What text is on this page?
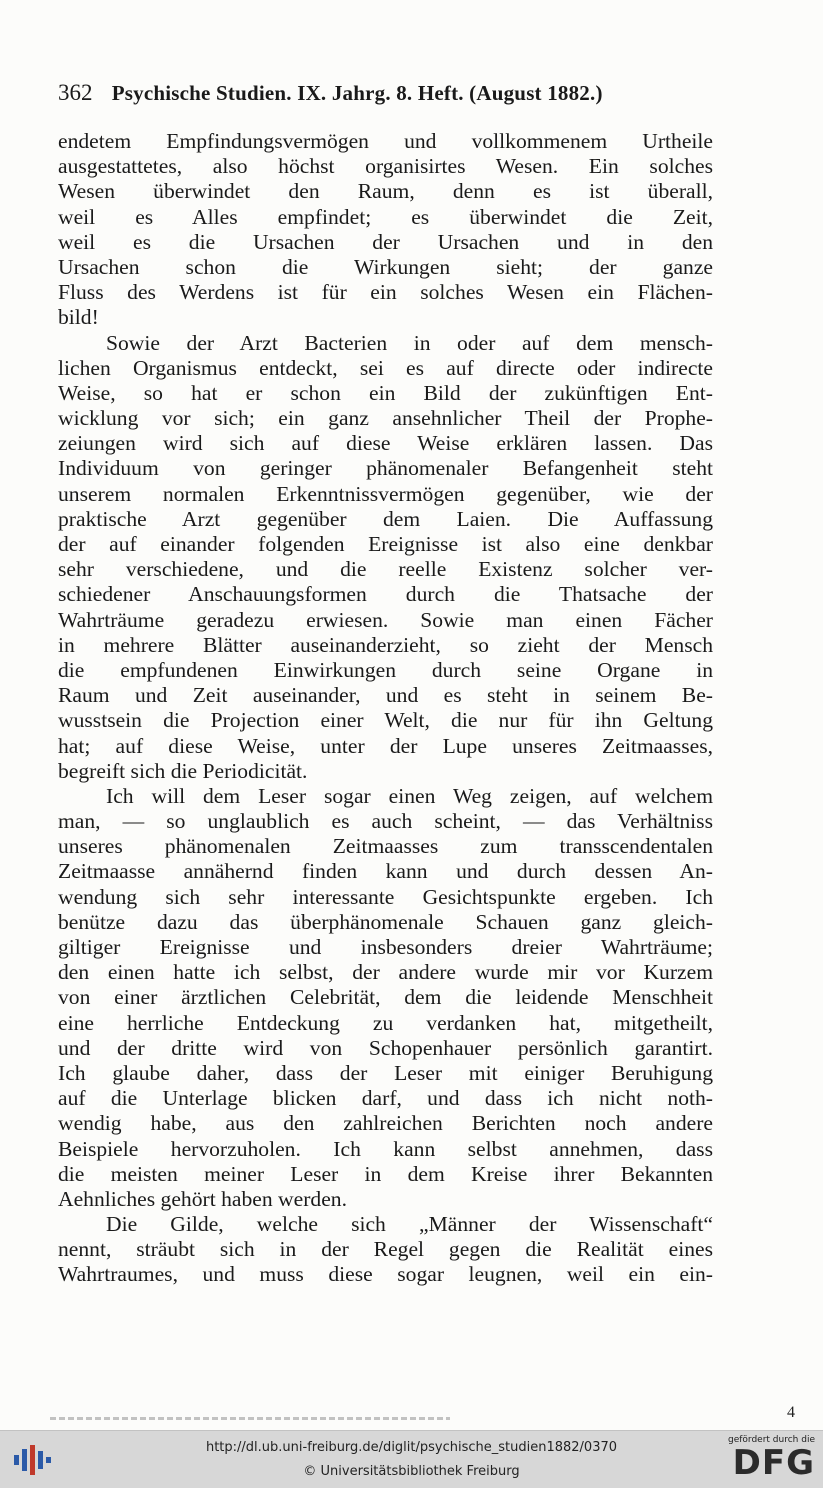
362 Psychische Studien. IX. Jahrg. 8. Heft. (August 1882.)
endetem Empfindungsvermögen und vollkommenem Urtheile
ausgestattetes, also höchst organisirtes Wesen. Ein solches
Wesen überwindet den Raum, denn es ist überall,
weil es Alles empfindet; es überwindet die Zeit,
weil es die Ursachen der Ursachen und in den
Ursachen schon die Wirkungen sieht; der ganze
Fluss des Werdens ist für ein solches Wesen ein Flächen-
bild!
Sowie der Arzt Bacterien in oder auf dem mensch-
lichen Organismus entdeckt, sei es auf directe oder indirecte
Weise, so hat er schon ein Bild der zukünftigen Ent-
wicklung vor sich; ein ganz ansehnlicher Theil der Prophe-
zeiungen wird sich auf diese Weise erklären lassen. Das
Individuum von geringer phänomenaler Befangenheit steht
unserem normalen Erkenntnissvermögen gegenüber, wie der
praktische Arzt gegenüber dem Laien. Die Auffassung
der auf einander folgenden Ereignisse ist also eine denkbar
sehr verschiedene, und die reelle Existenz solcher ver-
schiedener Anschauungsformen durch die Thatsache der
Wahrträume geradezu erwiesen. Sowie man einen Fächer
in mehrere Blätter auseinanderzieht, so zieht der Mensch
die empfundenen Einwirkungen durch seine Organe in
Raum und Zeit auseinander, und es steht in seinem Be-
wusstsein die Projection einer Welt, die nur für ihn Geltung
hat; auf diese Weise, unter der Lupe unseres Zeitmaasses,
begreift sich die Periodicität.
Ich will dem Leser sogar einen Weg zeigen, auf welchem
man, — so unglaublich es auch scheint, — das Verhältniss
unseres phänomenalen Zeitmaasses zum transscendentalen
Zeitmaasse annähernd finden kann und durch dessen An-
wendung sich sehr interessante Gesichtspunkte ergeben. Ich
benütze dazu das überphänomenale Schauen ganz gleich-
giltiger Ereignisse und insbesonders dreier Wahrträume;
den einen hatte ich selbst, der andere wurde mir vor Kurzem
von einer ärztlichen Celebrität, dem die leidende Menschheit
eine herrliche Entdeckung zu verdanken hat, mitgetheilt,
und der dritte wird von Schopenhauer persönlich garantirt.
Ich glaube daher, dass der Leser mit einiger Beruhigung
auf die Unterlage blicken darf, und dass ich nicht noth-
wendig habe, aus den zahlreichen Berichten noch andere
Beispiele hervorzuholen. Ich kann selbst annehmen, dass
die meisten meiner Leser in dem Kreise ihrer Bekannten
Aehnliches gehört haben werden.
Die Gilde, welche sich „Männer der Wissenschaft“
nennt, sträubt sich in der Regel gegen die Realität eines
Wahrtraumes, und muss diese sogar leugnen, weil ein ein-
4
http://dl.ub.uni-freiburg.de/diglit/psychische_studien1882/0370
© Universitätsbibliothek Freiburg
gefördert durch die
DFG
